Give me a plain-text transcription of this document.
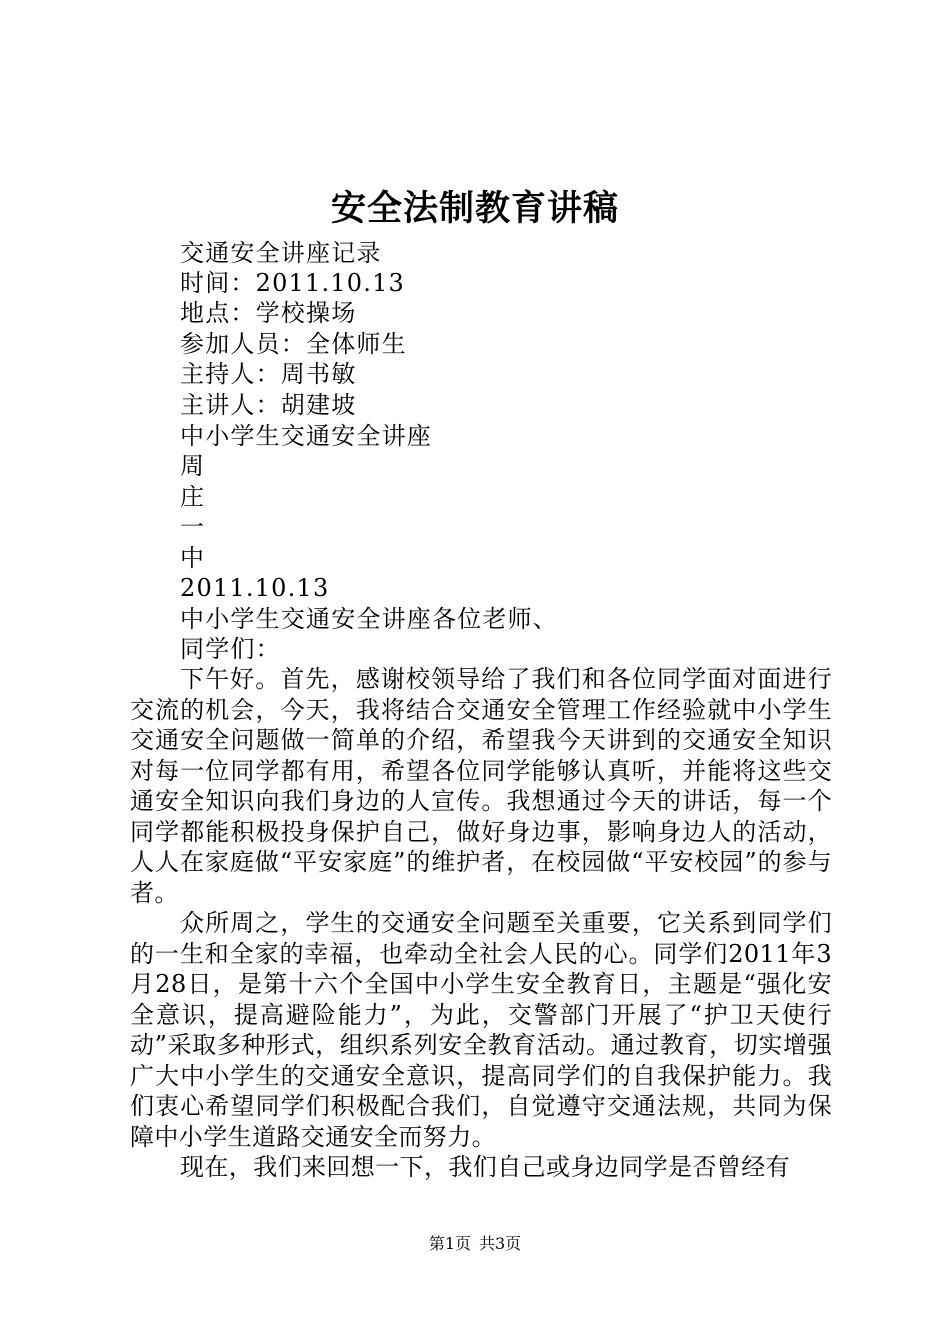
安全法制教育讲稿
交通安全讲座记录
时间：2011.10.13
地点：学校操场
参加人员：全体师生
主持人：周书敏
主讲人：胡建坡
中小学生交通安全讲座
周
庄
一
中
2011.10.13
中小学生交通安全讲座各位老师、
同学们：

下午好。首先，感谢校领导给了我们和各位同学面对面进行交流的机会，今天，我将结合交通安全管理工作经验就中小学生交通安全问题做一简单的介绍，希望我今天讲到的交通安全知识对每一位同学都有用，希望各位同学能够认真听，并能将这些交通安全知识向我们身边的人宣传。我想通过今天的讲话，每一个同学都能积极投身保护自己，做好身边事，影响身边人的活动，人人在家庭做“平安家庭”的维护者，在校园做“平安校园”的参与者。

众所周之，学生的交通安全问题至关重要，它关系到同学们的一生和全家的幸福，也牵动全社会人民的心。同学们2011年3月28日，是第十六个全国中小学生安全教育日，主题是“强化安全意识，提高避险能力”，为此，交警部门开展了“护卫天使行动”采取多种形式，组织系列安全教育活动。通过教育，切实增强广大中小学生的交通安全意识，提高同学们的自我保护能力。我们衷心希望同学们积极配合我们，自觉遵守交通法规，共同为保障中小学生道路交通安全而努力。

现在，我们来回想一下，我们自己或身边同学是否曾经有

第1页 共3页
